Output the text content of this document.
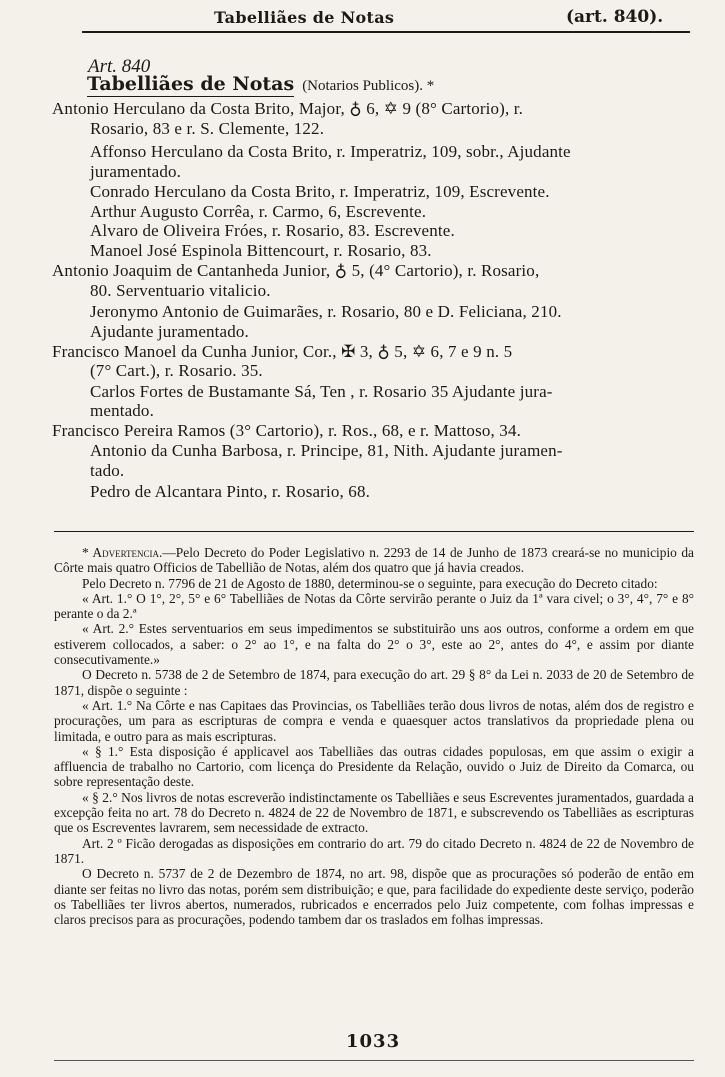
Tabelliães de Notas	(art. 840).
Art. 840
Tabelliães de Notas (Notarios Publicos). *
Antonio Herculano da Costa Brito, Major, ♁ 6, ✡ 9 (8° Cartorio), r.
Rosario, 83 e r. S. Clemente, 122.
Affonso Herculano da Costa Brito, r. Imperatriz, 109, sobr., Ajudante
juramentado.
Conrado Herculano da Costa Brito, r. Imperatriz, 109, Escrevente.
Arthur Augusto Corrêa, r. Carmo, 6, Escrevente.
Alvaro de Oliveira Fróes, r. Rosario, 83. Escrevente.
Manoel José Espinola Bittencourt, r. Rosario, 83.
Antonio Joaquim de Cantanheda Junior, ♁ 5, (4° Cartorio), r. Rosario,
80. Serventuario vitalicio.
Jeronymo Antonio de Guimarães, r. Rosario, 80 e D. Feliciana, 210.
Ajudante juramentado.
Francisco Manoel da Cunha Junior, Cor., ✠ 3, ♁ 5, ✡ 6, 7 e 9 n. 5
(7° Cart.), r. Rosario. 35.
Carlos Fortes de Bustamante Sá, Ten , r. Rosario 35 Ajudante jura-
mentado.
Francisco Pereira Ramos (3° Cartorio), r. Ros., 68, e r. Mattoso, 34.
Antonio da Cunha Barbosa, r. Principe, 81, Nith. Ajudante juramen-
tado.
Pedro de Alcantara Pinto, r. Rosario, 68.

* Advertencia.—Pelo Decreto do Poder Legislativo n. 2293 de 14 de Junho de 1873 creará-se no municipio da Côrte mais quatro Officios de Tabellião de Notas, além dos quatro que já havia creados.

Pelo Decreto n. 7796 de 21 de Agosto de 1880, determinou-se o seguinte, para execução do Decreto citado:

« Art. 1.° O 1°, 2°, 5° e 6° Tabelliães de Notas da Côrte servirão perante o Juiz da 1ª vara civel; o 3°, 4°, 7° e 8° perante o da 2.ª

« Art. 2.° Estes serventuarios em seus impedimentos se substituirão uns aos outros, conforme a ordem em que estiverem collocados, a saber: o 2° ao 1°, e na falta do 2° o 3°, este ao 2°, antes do 4°, e assim por diante consecutivamente.»

O Decreto n. 5738 de 2 de Setembro de 1874, para execução do art. 29 § 8° da Lei n. 2033 de 20 de Setembro de 1871, dispõe o seguinte :

« Art. 1.° Na Côrte e nas Capitaes das Provincias, os Tabelliães terão dous livros de notas, além dos de registro e procurações, um para as escripturas de compra e venda e quaesquer actos translativos da propriedade plena ou limitada, e outro para as mais escripturas.

« § 1.° Esta disposição é applicavel aos Tabelliães das outras cidades populosas, em que assim o exigir a affluencia de trabalho no Cartorio, com licença do Presidente da Relação, ouvido o Juiz de Direito da Comarca, ou sobre representação deste.

« § 2.° Nos livros de notas escreverão indistinctamente os Tabelliães e seus Escreventes juramentados, guardada a excepção feita no art. 78 do Decreto n. 4824 de 22 de Novembro de 1871, e subscrevendo os Tabelliães as escripturas que os Escreventes lavrarem, sem necessidade de extracto.

Art. 2 º Ficão derogadas as disposições em contrario do art. 79 do citado Decreto n. 4824 de 22 de Novembro de 1871.

O Decreto n. 5737 de 2 de Dezembro de 1874, no art. 98, dispõe que as procurações só poderão de então em diante ser feitas no livro das notas, porém sem distribuição; e que, para facilidade do expediente deste serviço, poderão os Tabelliães ter livros abertos, numerados, rubricados e encerrados pelo Juiz competente, com folhas impressas e claros precisos para as procurações, podendo tambem dar os traslados em folhas impressas.

1033
